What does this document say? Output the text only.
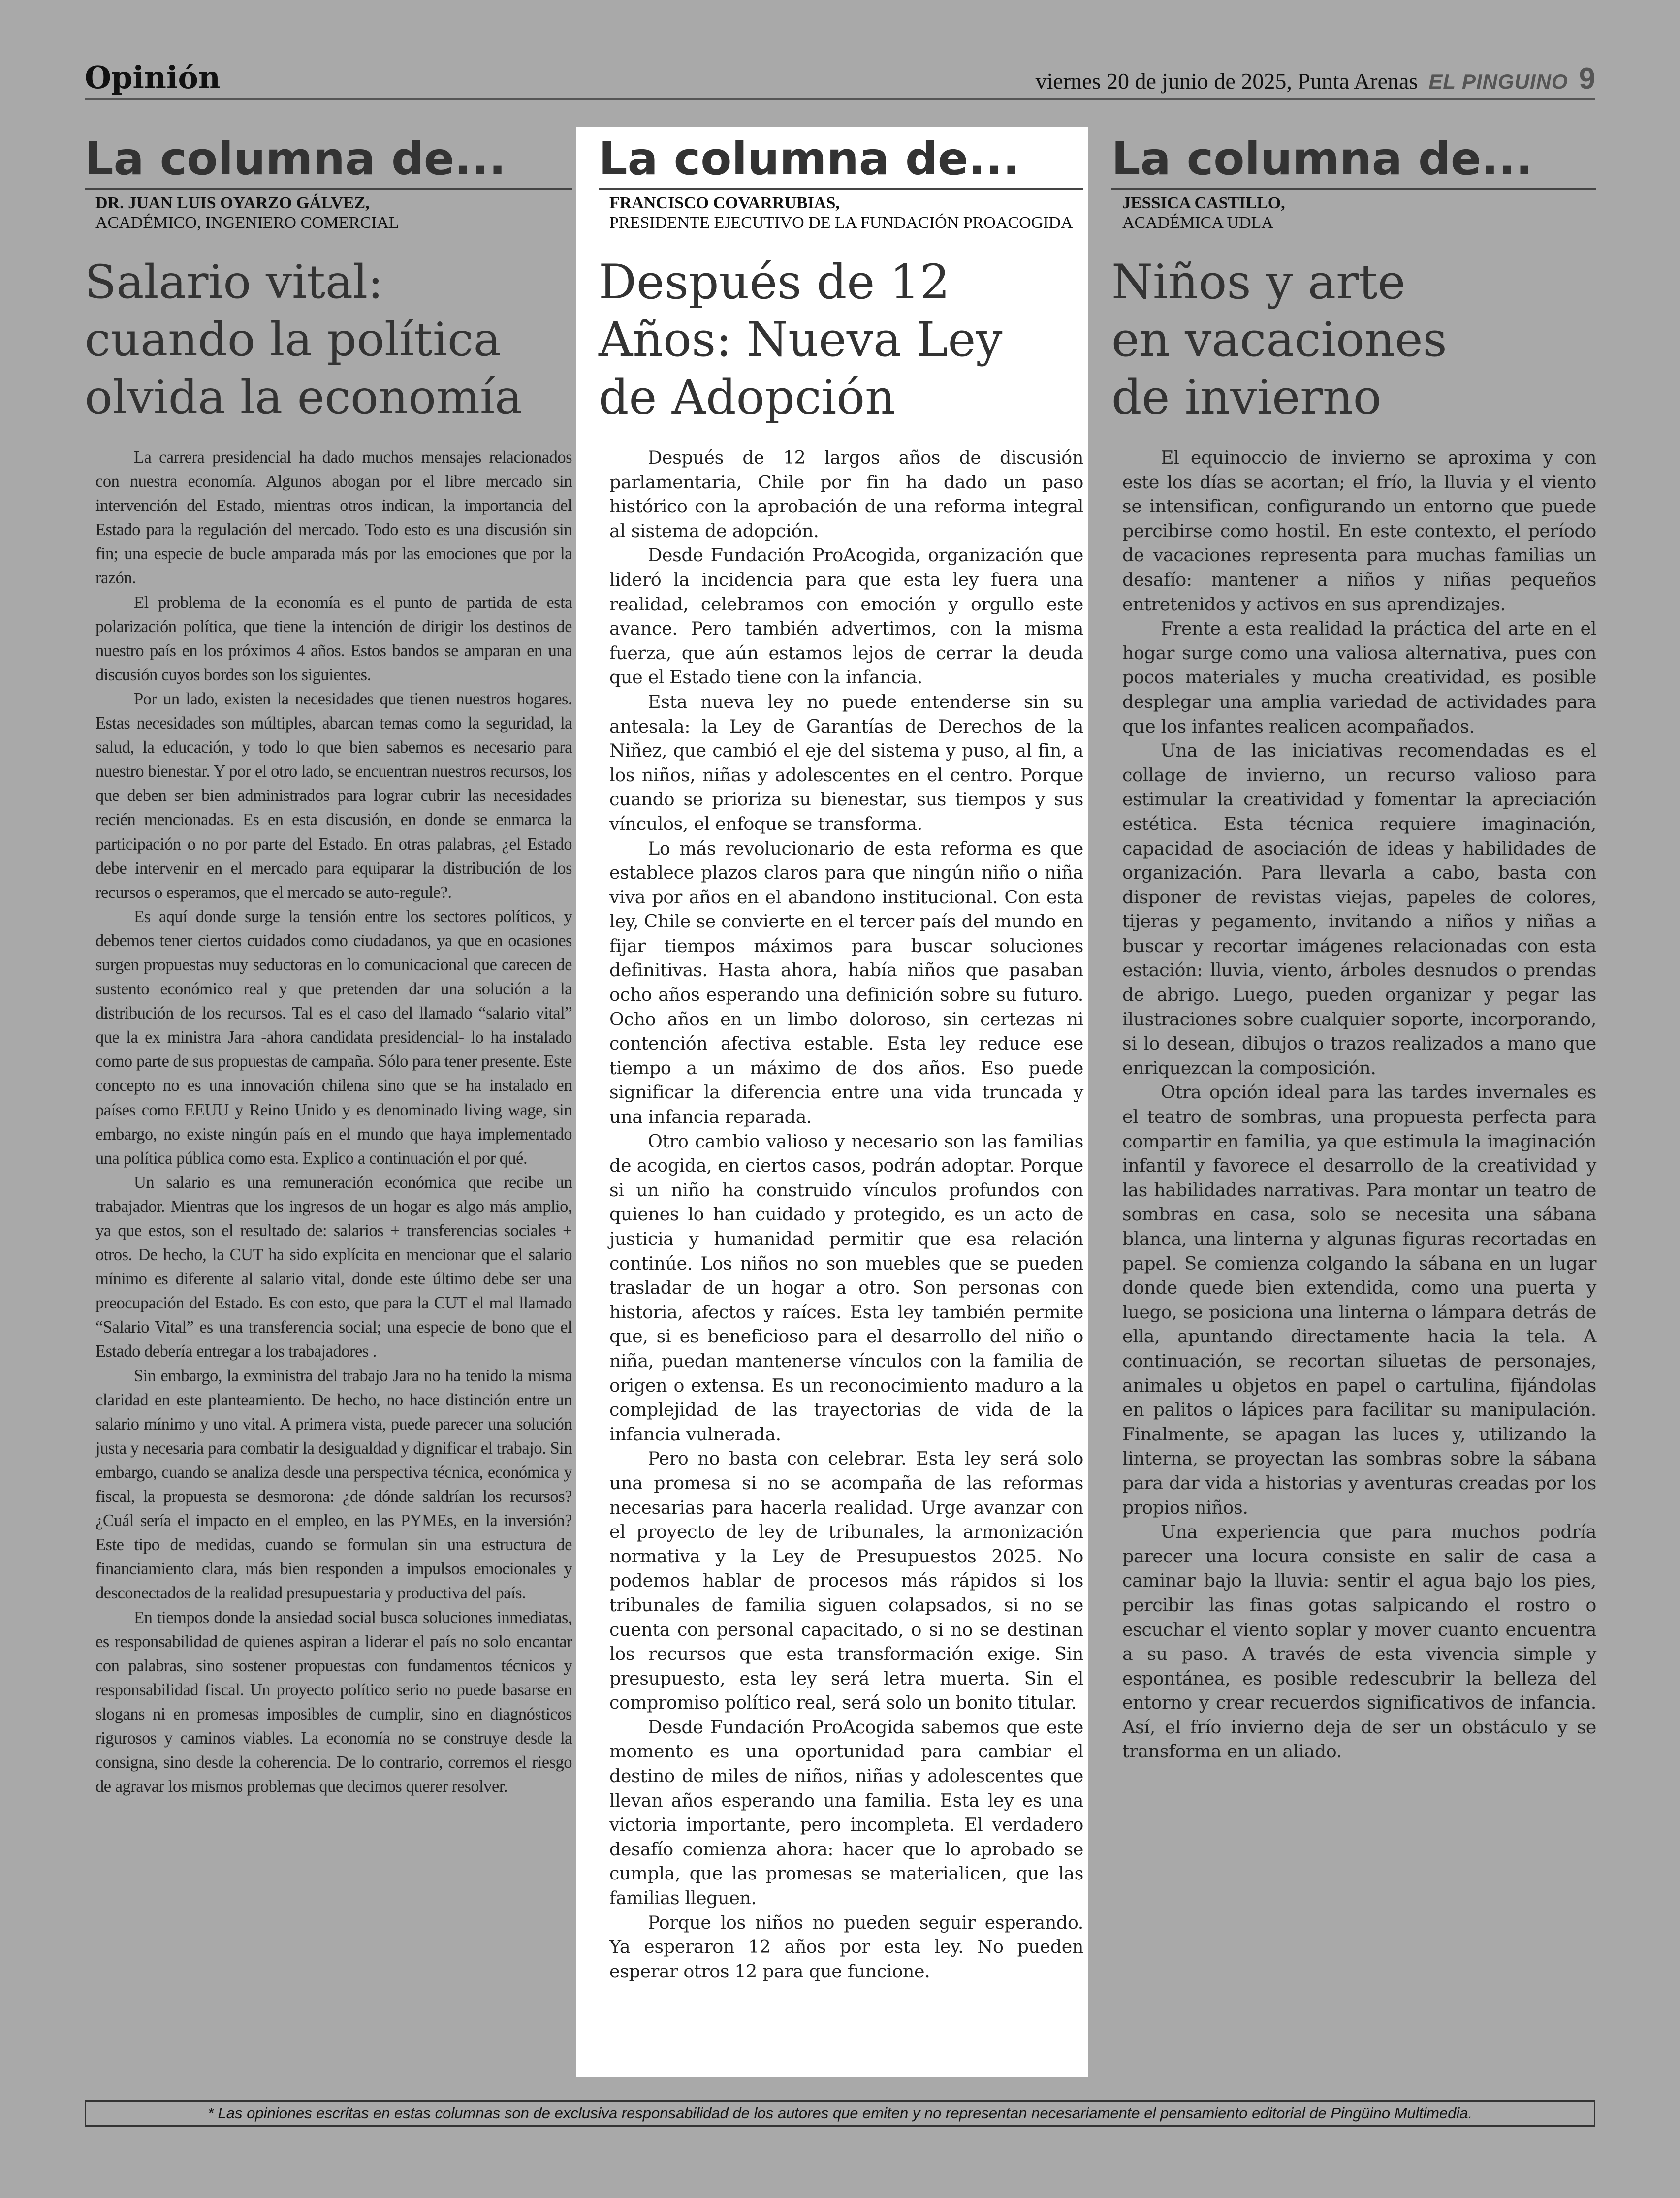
Opinión	viernes 20 de junio de 2025, Punta Arenas EL PINGUINO 9
La columna de...
DR. JUAN LUIS OYARZO GÁLVEZ,
ACADÉMICO, INGENIERO COMERCIAL
Salario vital:
cuando la política
olvida la economía

La carrera presidencial ha dado muchos mensajes relacionados con nuestra economía. Algunos abogan por el libre mercado sin intervención del Estado, mientras otros indican, la importancia del Estado para la regulación del mercado. Todo esto es una discusión sin fin; una especie de bucle amparada más por las emociones que por la razón.

El problema de la economía es el punto de partida de esta polarización política, que tiene la intención de dirigir los destinos de nuestro país en los próximos 4 años. Estos bandos se amparan en una discusión cuyos bordes son los siguientes.

Por un lado, existen la necesidades que tienen nuestros hogares. Estas necesidades son múltiples, abarcan temas como la seguridad, la salud, la educación, y todo lo que bien sabemos es necesario para nuestro bienestar. Y por el otro lado, se encuentran nuestros recursos, los que deben ser bien administrados para lograr cubrir las necesidades recién mencionadas. Es en esta discusión, en donde se enmarca la participación o no por parte del Estado. En otras palabras, ¿el Estado debe intervenir en el mercado para equiparar la distribución de los recursos o esperamos, que el mercado se auto-regule?.

Es aquí donde surge la tensión entre los sectores políticos, y debemos tener ciertos cuidados como ciudadanos, ya que en ocasiones surgen propuestas muy seductoras en lo comunicacional que carecen de sustento económico real y que pretenden dar una solución a la distribución de los recursos. Tal es el caso del llamado “salario vital” que la ex ministra Jara -ahora candidata presidencial- lo ha instalado como parte de sus propuestas de campaña. Sólo para tener presente. Este concepto no es una innovación chilena sino que se ha instalado en países como EEUU y Reino Unido y es denominado living wage, sin embargo, no existe ningún país en el mundo que haya implementado una política pública como esta. Explico a continuación el por qué.

Un salario es una remuneración económica que recibe un trabajador. Mientras que los ingresos de un hogar es algo más amplio, ya que estos, son el resultado de: salarios + transferencias sociales + otros. De hecho, la CUT ha sido explícita en mencionar que el salario mínimo es diferente al salario vital, donde este último debe ser una preocupación del Estado. Es con esto, que para la CUT el mal llamado “Salario Vital” es una transferencia social; una especie de bono que el Estado debería entregar a los trabajadores .

Sin embargo, la exministra del trabajo Jara no ha tenido la misma claridad en este planteamiento. De hecho, no hace distinción entre un salario mínimo y uno vital. A primera vista, puede parecer una solución justa y necesaria para combatir la desigualdad y dignificar el trabajo. Sin embargo, cuando se analiza desde una perspectiva técnica, económica y fiscal, la propuesta se desmorona: ¿de dónde saldrían los recursos? ¿Cuál sería el impacto en el empleo, en las PYMEs, en la inversión? Este tipo de medidas, cuando se formulan sin una estructura de financiamiento clara, más bien responden a impulsos emocionales y desconectados de la realidad presupuestaria y productiva del país.

En tiempos donde la ansiedad social busca soluciones inmediatas, es responsabilidad de quienes aspiran a liderar el país no solo encantar con palabras, sino sostener propuestas con fundamentos técnicos y responsabilidad fiscal. Un proyecto político serio no puede basarse en slogans ni en promesas imposibles de cumplir, sino en diagnósticos rigurosos y caminos viables. La economía no se construye desde la consigna, sino desde la coherencia. De lo contrario, corremos el riesgo de agravar los mismos problemas que decimos querer resolver.

La columna de...
FRANCISCO COVARRUBIAS,
PRESIDENTE EJECUTIVO DE LA FUNDACIÓN PROACOGIDA
Después de 12
Años: Nueva Ley
de Adopción

Después de 12 largos años de discusión parlamentaria, Chile por fin ha dado un paso histórico con la aprobación de una reforma integral al sistema de adopción.

Desde Fundación ProAcogida, organización que lideró la incidencia para que esta ley fuera una realidad, celebramos con emoción y orgullo este avance. Pero también advertimos, con la misma fuerza, que aún estamos lejos de cerrar la deuda que el Estado tiene con la infancia.

Esta nueva ley no puede entenderse sin su antesala: la Ley de Garantías de Derechos de la Niñez, que cambió el eje del sistema y puso, al fin, a los niños, niñas y adolescentes en el centro. Porque cuando se prioriza su bienestar, sus tiempos y sus vínculos, el enfoque se transforma.

Lo más revolucionario de esta reforma es que establece plazos claros para que ningún niño o niña viva por años en el abandono institucional. Con esta ley, Chile se convierte en el tercer país del mundo en fijar tiempos máximos para buscar soluciones definitivas. Hasta ahora, había niños que pasaban ocho años esperando una definición sobre su futuro. Ocho años en un limbo doloroso, sin certezas ni contención afectiva estable. Esta ley reduce ese tiempo a un máximo de dos años. Eso puede significar la diferencia entre una vida truncada y una infancia reparada.

Otro cambio valioso y necesario son las familias de acogida, en ciertos casos, podrán adoptar. Porque si un niño ha construido vínculos profundos con quienes lo han cuidado y protegido, es un acto de justicia y humanidad permitir que esa relación continúe. Los niños no son muebles que se pueden trasladar de un hogar a otro. Son personas con historia, afectos y raíces. Esta ley también permite que, si es beneficioso para el desarrollo del niño o niña, puedan mantenerse vínculos con la familia de origen o extensa. Es un reconocimiento maduro a la complejidad de las trayectorias de vida de la infancia vulnerada.

Pero no basta con celebrar. Esta ley será solo una promesa si no se acompaña de las reformas necesarias para hacerla realidad. Urge avanzar con el proyecto de ley de tribunales, la armonización normativa y la Ley de Presupuestos 2025. No podemos hablar de procesos más rápidos si los tribunales de familia siguen colapsados, si no se cuenta con personal capacitado, o si no se destinan los recursos que esta transformación exige. Sin presupuesto, esta ley será letra muerta. Sin el compromiso político real, será solo un bonito titular.

Desde Fundación ProAcogida sabemos que este momento es una oportunidad para cambiar el destino de miles de niños, niñas y adolescentes que llevan años esperando una familia. Esta ley es una victoria importante, pero incompleta. El verdadero desafío comienza ahora: hacer que lo aprobado se cumpla, que las promesas se materialicen, que las familias lleguen.

Porque los niños no pueden seguir esperando. Ya esperaron 12 años por esta ley. No pueden esperar otros 12 para que funcione.

La columna de...
JESSICA CASTILLO,
ACADÉMICA UDLA
Niños y arte
en vacaciones
de invierno

El equinoccio de invierno se aproxima y con este los días se acortan; el frío, la lluvia y el viento se intensifican, configurando un entorno que puede percibirse como hostil. En este contexto, el período de vacaciones representa para muchas familias un desafío: mantener a niños y niñas pequeños entretenidos y activos en sus aprendizajes.

Frente a esta realidad la práctica del arte en el hogar surge como una valiosa alternativa, pues con pocos materiales y mucha creatividad, es posible desplegar una amplia variedad de actividades para que los infantes realicen acompañados.

Una de las iniciativas recomendadas es el collage de invierno, un recurso valioso para estimular la creatividad y fomentar la apreciación estética. Esta técnica requiere imaginación, capacidad de asociación de ideas y habilidades de organización. Para llevarla a cabo, basta con disponer de revistas viejas, papeles de colores, tijeras y pegamento, invitando a niños y niñas a buscar y recortar imágenes relacionadas con esta estación: lluvia, viento, árboles desnudos o prendas de abrigo. Luego, pueden organizar y pegar las ilustraciones sobre cualquier soporte, incorporando, si lo desean, dibujos o trazos realizados a mano que enriquezcan la composición.

Otra opción ideal para las tardes invernales es el teatro de sombras, una propuesta perfecta para compartir en familia, ya que estimula la imaginación infantil y favorece el desarrollo de la creatividad y las habilidades narrativas. Para montar un teatro de sombras en casa, solo se necesita una sábana blanca, una linterna y algunas figuras recortadas en papel. Se comienza colgando la sábana en un lugar donde quede bien extendida, como una puerta y luego, se posiciona una linterna o lámpara detrás de ella, apuntando directamente hacia la tela. A continuación, se recortan siluetas de personajes, animales u objetos en papel o cartulina, fijándolas en palitos o lápices para facilitar su manipulación. Finalmente, se apagan las luces y, utilizando la linterna, se proyectan las sombras sobre la sábana para dar vida a historias y aventuras creadas por los propios niños.

Una experiencia que para muchos podría parecer una locura consiste en salir de casa a caminar bajo la lluvia: sentir el agua bajo los pies, percibir las finas gotas salpicando el rostro o escuchar el viento soplar y mover cuanto encuentra a su paso. A través de esta vivencia simple y espontánea, es posible redescubrir la belleza del entorno y crear recuerdos significativos de infancia. Así, el frío invierno deja de ser un obstáculo y se transforma en un aliado.

* Las opiniones escritas en estas columnas son de exclusiva responsabilidad de los autores que emiten y no representan necesariamente el pensamiento editorial de Pingüino Multimedia.
